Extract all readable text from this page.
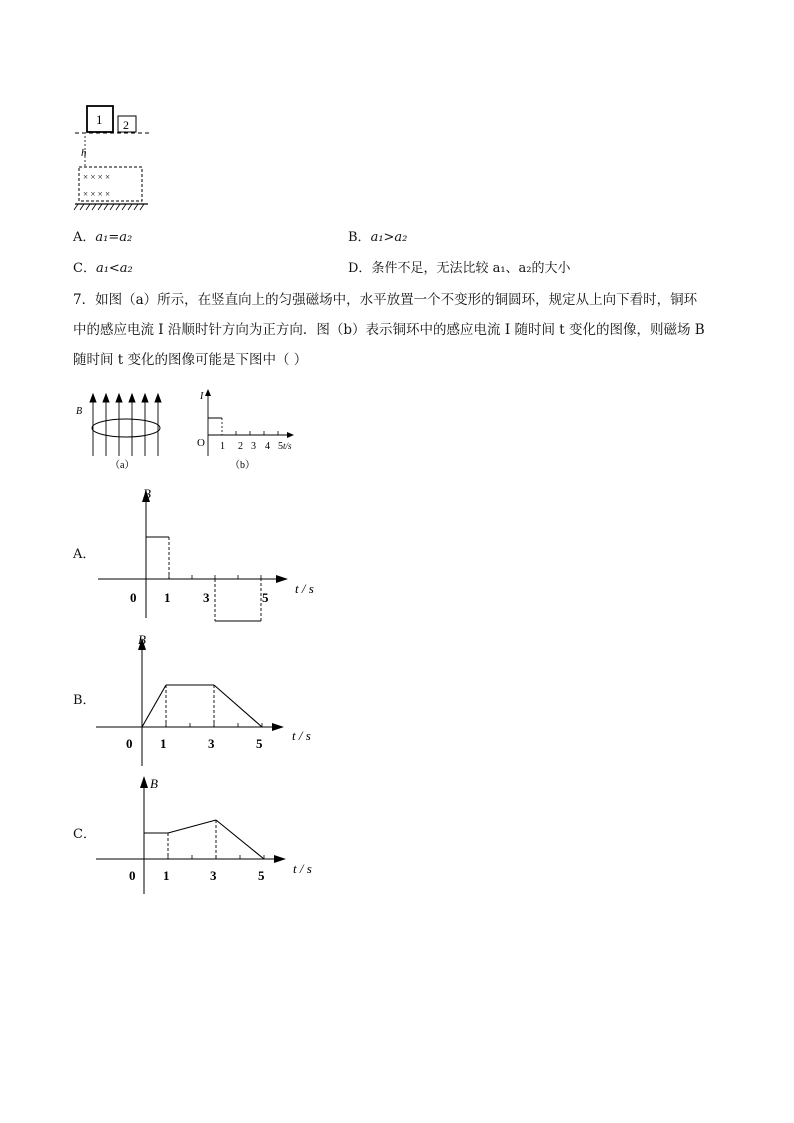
1 2
h
× × × ×
× × × ×
A．a₁=a₂	B．a₁>a₂
C．a₁<a₂	D．条件不足，无法比较 a₁、a₂的大小
7．如图（a）所示，在竖直向上的匀强磁场中，水平放置一个不变形的铜圆环，规定从上向下看时，铜环
中的感应电流 I 沿顺时针方向为正方向．图（b）表示铜环中的感应电流 I 随时间 t 变化的图像，则磁场 B
随时间 t 变化的图像可能是下图中（ ）
B
（a）
I
O 1 2 3 4 5 t/s
（b）
A．
B
t / s
0 1	3	5
B．
B
t / s
0 1	3	5
C．
B
t / s
0 1	3	5
